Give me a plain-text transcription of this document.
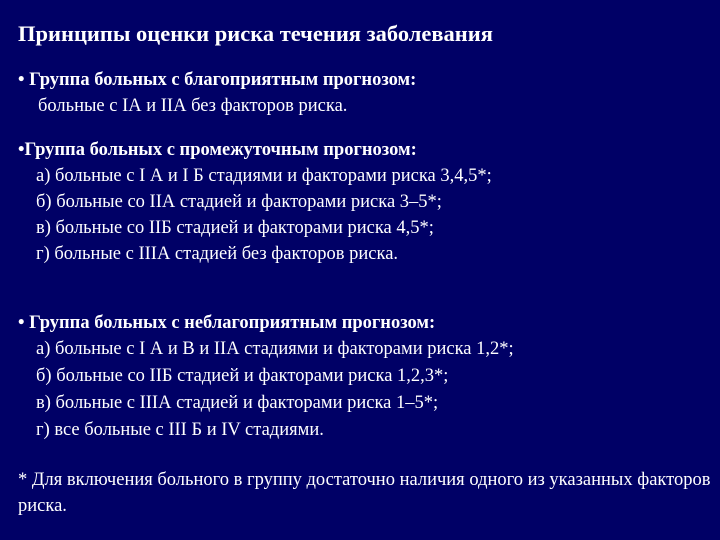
Принципы оценки риска течения заболевания
• Группа больных с благоприятным прогнозом:
больные с IА и IIА без факторов риска.
•Группа больных с промежуточным прогнозом:
а) больные с I А и I Б стадиями и факторами риска 3,4,5*;
б) больные со IIА стадией и факторами риска 3–5*;
в) больные со IIБ стадией и факторами риска 4,5*;
г) больные с IIIА стадией без факторов риска.
• Группа больных с неблагоприятным прогнозом:
а) больные с I А и В и IIА стадиями и факторами риска 1,2*;
б) больные со IIБ стадией и факторами риска 1,2,3*;
в) больные с IIIА стадией и факторами риска 1–5*;
г) все больные с III Б и IV стадиями.
* Для включения больного в группу достаточно наличия одного из указанных факторов риска.
